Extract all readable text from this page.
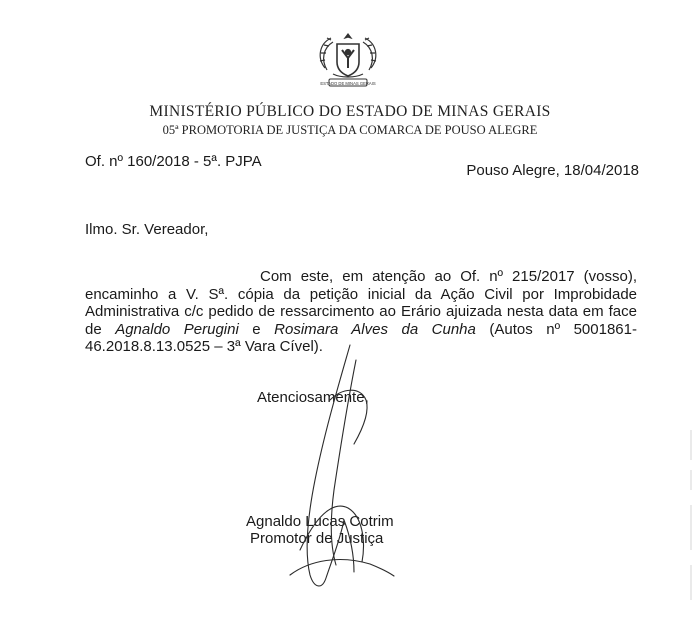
ESTADO DE MINAS GERAIS
MINISTÉRIO PÚBLICO DO ESTADO DE MINAS GERAIS
05ª PROMOTORIA DE JUSTIÇA DA COMARCA DE POUSO ALEGRE
Of. nº 160/2018 - 5ª. PJPA
Pouso Alegre, 18/04/2018
Ilmo. Sr. Vereador,

Com este, em atenção ao Of. nº 215/2017 (vosso), encaminho a V. Sª. cópia da petição inicial da Ação Civil por Improbidade Administrativa c/c pedido de ressarcimento ao Erário ajuizada nesta data em face de Agnaldo Perugini e Rosimara Alves da Cunha (Autos nº 5001861-46.2018.8.13.0525 – 3ª Vara Cível).

Atenciosamente,
Agnaldo Lucas Cotrim
Promotor de Justiça
